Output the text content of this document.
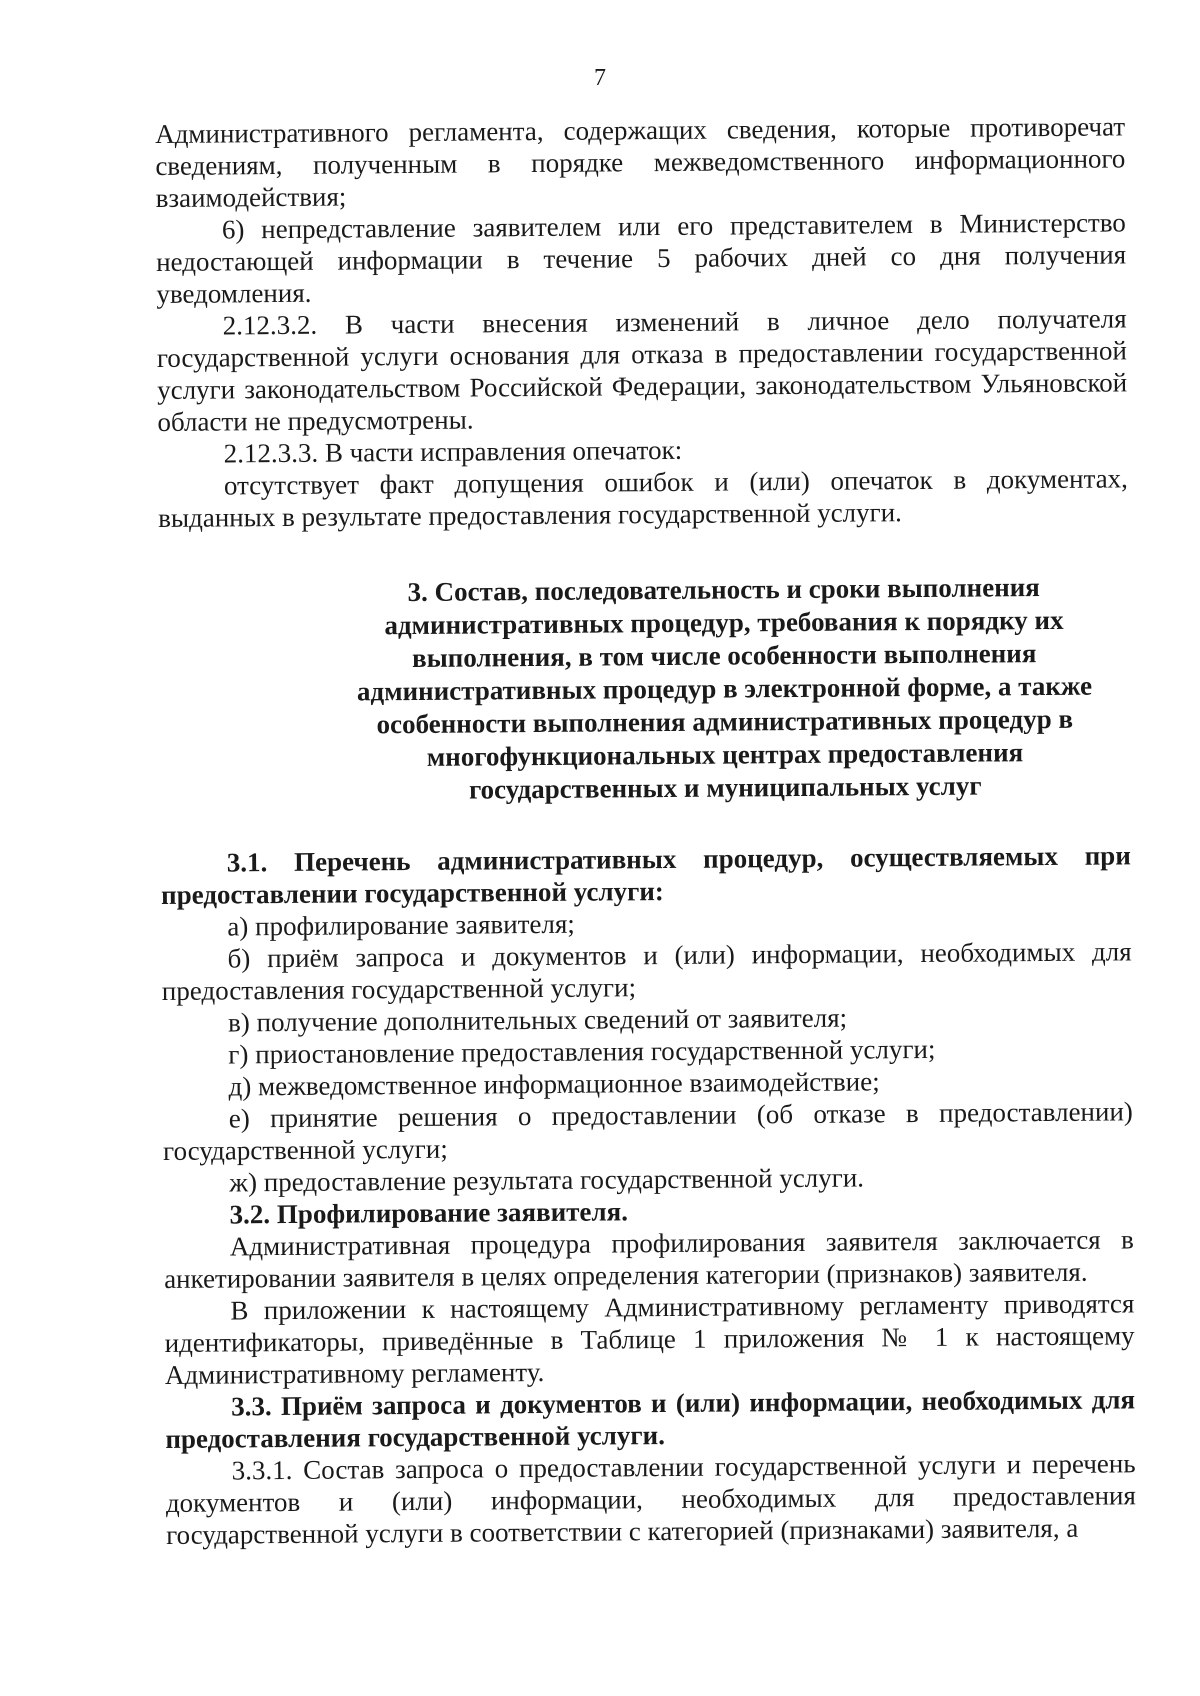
7

Административного регламента, содержащих сведения, которые противоречат сведениям, полученным в порядке межведомственного информационного взаимодействия;

6) непредставление заявителем или его представителем в Министерство недостающей информации в течение 5 рабочих дней со дня получения уведомления.

2.12.3.2. В части внесения изменений в личное дело получателя государственной услуги основания для отказа в предоставлении государственной услуги законодательством Российской Федерации, законодательством Ульяновской области не предусмотрены.

2.12.3.3. В части исправления опечаток:

отсутствует факт допущения ошибок и (или) опечаток в документах, выданных в результате предоставления государственной услуги.

3. Состав, последовательность и сроки выполнения административных процедур, требования к порядку их выполнения, в том числе особенности выполнения административных процедур в электронной форме, а также особенности выполнения административных процедур в многофункциональных центрах предоставления государственных и муниципальных услуг

3.1. Перечень административных процедур, осуществляемых при предоставлении государственной услуги:

а) профилирование заявителя;

б) приём запроса и документов и (или) информации, необходимых для предоставления государственной услуги;

в) получение дополнительных сведений от заявителя;

г) приостановление предоставления государственной услуги;

д) межведомственное информационное взаимодействие;

е) принятие решения о предоставлении (об отказе в предоставлении) государственной услуги;

ж) предоставление результата государственной услуги.

3.2. Профилирование заявителя.

Административная процедура профилирования заявителя заключается в анкетировании заявителя в целях определения категории (признаков) заявителя.

В приложении к настоящему Административному регламенту приводятся идентификаторы, приведённые в Таблице 1 приложения № 1 к настоящему Административному регламенту.

3.3. Приём запроса и документов и (или) информации, необходимых для предоставления государственной услуги.

3.3.1. Состав запроса о предоставлении государственной услуги и перечень документов и (или) информации, необходимых для предоставления государственной услуги в соответствии с категорией (признаками) заявителя, а
